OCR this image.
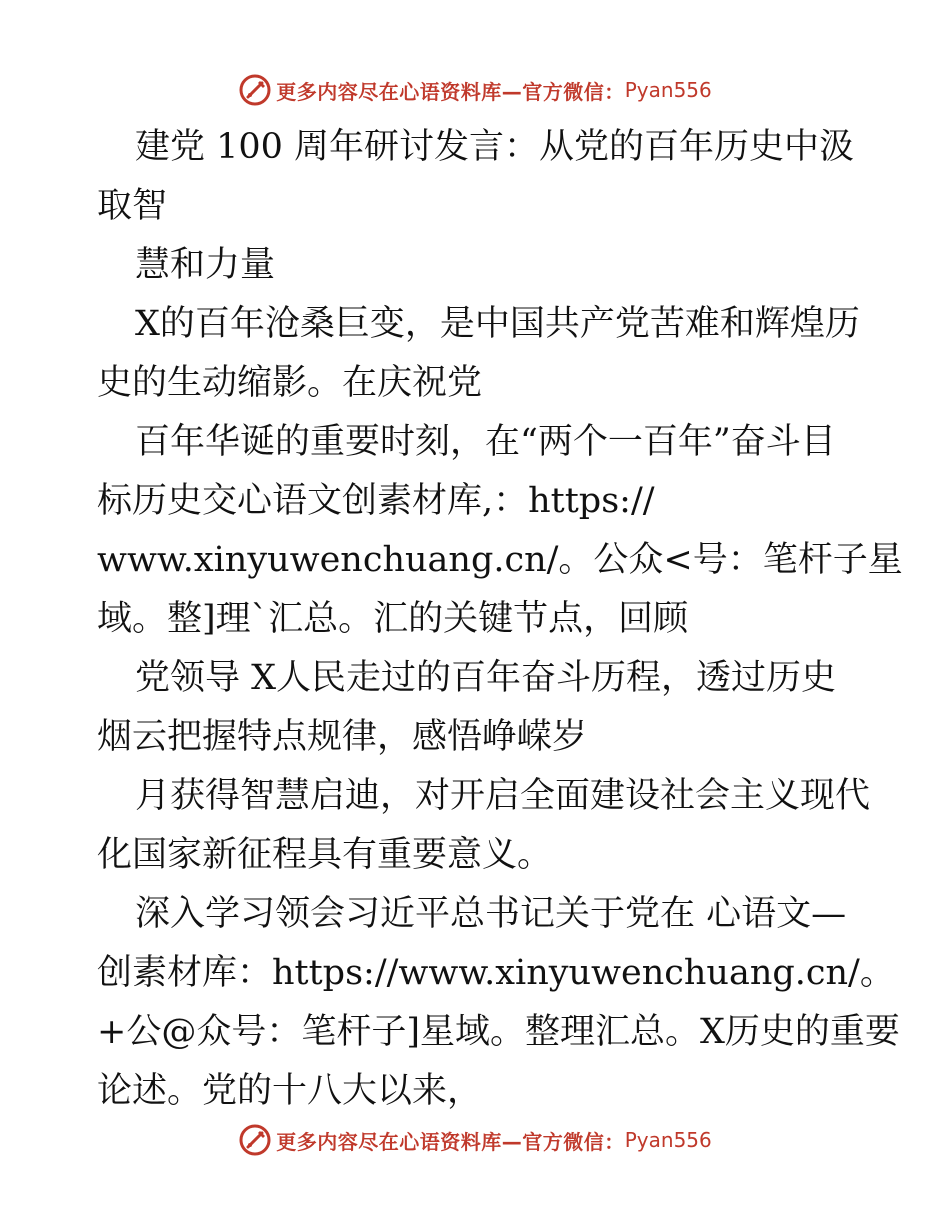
更多内容尽在心语资料库—官方微信： Pyan556
建党 100 周年研讨发言：从党的百年历史中汲
取智
慧和力量
X的百年沧桑巨变，是中国共产党苦难和辉煌历
史的生动缩影。在庆祝党
百年华诞的重要时刻，在“两个一百年”奋斗目
标历史交心语文创素材库,：https://
www.xinyuwenchuang.cn/。公众<号：笔杆子星
域。整]理`汇总。汇的关键节点，回顾
党领导 X人民走过的百年奋斗历程，透过历史
烟云把握特点规律，感悟峥嵘岁
月获得智慧启迪，对开启全面建设社会主义现代
化国家新征程具有重要意义。
深入学习领会习近平总书记关于党在 心语文—
创素材库：https://www.xinyuwenchuang.cn/。
+公@众号：笔杆子]星域。整理汇总。X历史的重要
论述。党的十八大以来，
更多内容尽在心语资料库—官方微信： Pyan556
